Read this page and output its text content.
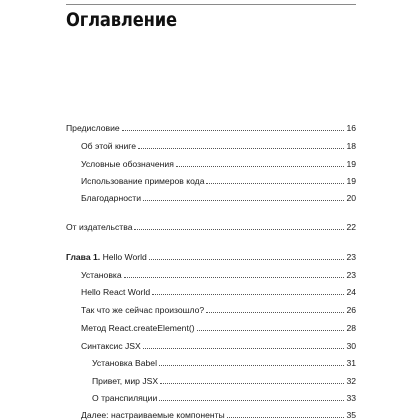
Оглавление
Предисловие	16
Об этой книге	18
Условные обозначения	19
Использование примеров кода	19
Благодарности	20
От издательства	22
Глава 1. Hello World	23
Установка	23
Hello React World	24
Так что же сейчас произошло?	26
Метод React.createElement()	28
Синтаксис JSX	30
Установка Babel	31
Привет, мир JSX	32
О транспиляции	33
Далее: настраиваемые компоненты	35
